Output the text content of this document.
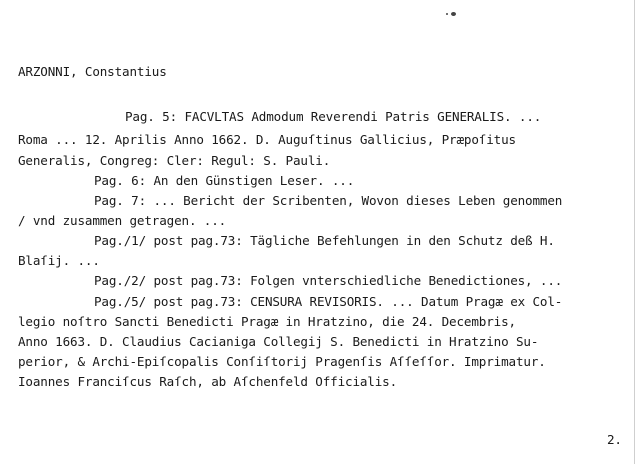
ARZONNI, Constantius
Pag. 5: FACVLTAS Admodum Reverendi Patris GENERALIS. ...
Roma ... 12. Aprilis Anno 1662. D. Auguſtinus Gallicius, Præpoſitus
Generalis, Congreg: Cler: Regul: S. Pauli.
Pag. 6: An den Günstigen Leser. ...
Pag. 7: ... Bericht der Scribenten, Wovon dieses Leben genommen
/ vnd zusammen getragen. ...
Pag./1/ post pag.73: Tägliche Befehlungen in den Schutz deß H.
Blaſij. ...
Pag./2/ post pag.73: Folgen vnterschiedliche Benedictiones, ...
Pag./5/ post pag.73: CENSURA REVISORIS. ... Datum Pragæ ex Col-
legio noſtro Sancti Benedicti Pragæ in Hratzino, die 24. Decembris,
Anno 1663. D. Claudius Cacianiga Collegij S. Benedicti in Hratzino Su-
perior, & Archi-Epiſcopalis Conſiſtorij Pragenſis Aſſeſſor. Imprimatur.
Ioannes Franciſcus Raſch, ab Aſchenfeld Officialis.
2.
